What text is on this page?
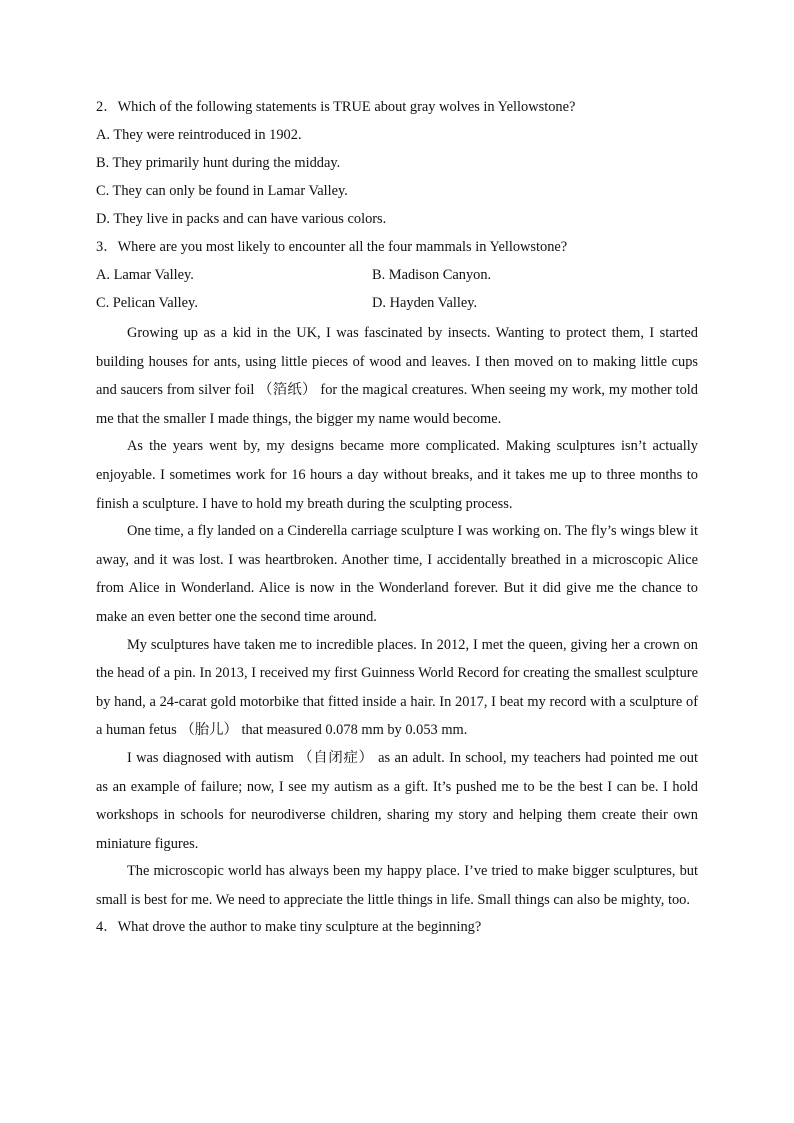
2．Which of the following statements is TRUE about gray wolves in Yellowstone?

A. They were reintroduced in 1902.

B. They primarily hunt during the midday.

C. They can only be found in Lamar Valley.

D. They live in packs and can have various colors.

3．Where are you most likely to encounter all the four mammals in Yellowstone?

A. Lamar Valley.	B. Madison Canyon.
C. Pelican Valley.	D. Hayden Valley.

Growing up as a kid in the UK, I was fascinated by insects. Wanting to protect them, I started building houses for ants, using little pieces of wood and leaves. I then moved on to making little cups and saucers from silver foil （箔纸） for the magical creatures. When seeing my work, my mother told me that the smaller I made things, the bigger my name would become.

As the years went by, my designs became more complicated. Making sculptures isn’t actually enjoyable. I sometimes work for 16 hours a day without breaks, and it takes me up to three months to finish a sculpture. I have to hold my breath during the sculpting process.

One time, a fly landed on a Cinderella carriage sculpture I was working on. The fly’s wings blew it away, and it was lost. I was heartbroken. Another time, I accidentally breathed in a microscopic Alice from Alice in Wonderland. Alice is now in the Wonderland forever. But it did give me the chance to make an even better one the second time around.

My sculptures have taken me to incredible places. In 2012, I met the queen, giving her a crown on the head of a pin. In 2013, I received my first Guinness World Record for creating the smallest sculpture by hand, a 24-carat gold motorbike that fitted inside a hair. In 2017, I beat my record with a sculpture of a human fetus （胎儿） that measured 0.078 mm by 0.053 mm.

I was diagnosed with autism （自闭症） as an adult. In school, my teachers had pointed me out as an example of failure; now, I see my autism as a gift. It’s pushed me to be the best I can be. I hold workshops in schools for neurodiverse children, sharing my story and helping them create their own miniature figures.

The microscopic world has always been my happy place. I’ve tried to make bigger sculptures, but small is best for me. We need to appreciate the little things in life. Small things can also be mighty, too.

4．What drove the author to make tiny sculpture at the beginning?
